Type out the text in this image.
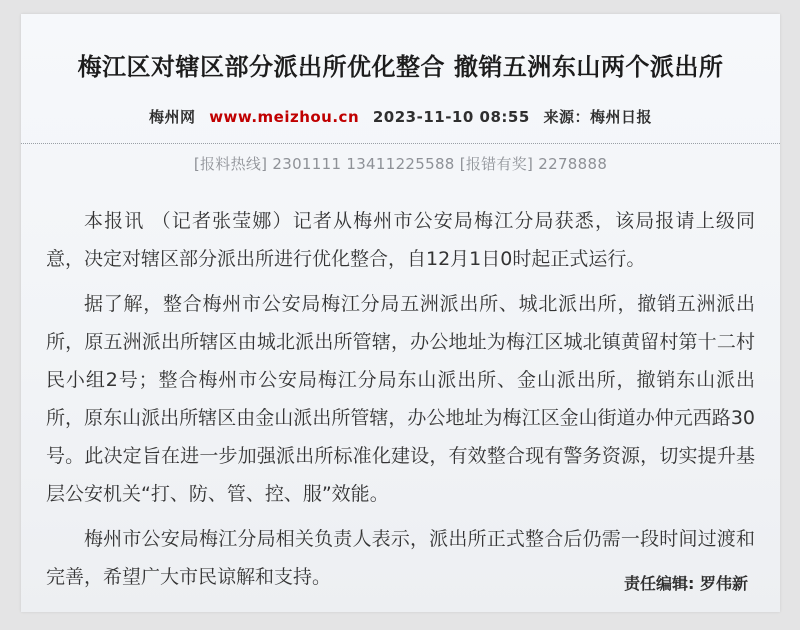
梅江区对辖区部分派出所优化整合 撤销五洲东山两个派出所
梅州网 www.meizhou.cn 2023-11-10 08:55 来源：梅州日报
[报料热线] 2301111 13411225588 [报错有奖] 2278888

本报讯 （记者张莹娜）记者从梅州市公安局梅江分局获悉，该局报请上级同意，决定对辖区部分派出所进行优化整合，自12月1日0时起正式运行。

据了解，整合梅州市公安局梅江分局五洲派出所、城北派出所，撤销五洲派出所，原五洲派出所辖区由城北派出所管辖，办公地址为梅江区城北镇黄留村第十二村民小组2号；整合梅州市公安局梅江分局东山派出所、金山派出所，撤销东山派出所，原东山派出所辖区由金山派出所管辖，办公地址为梅江区金山街道办仲元西路30号。此决定旨在进一步加强派出所标准化建设，有效整合现有警务资源，切实提升基层公安机关“打、防、管、控、服”效能。

梅州市公安局梅江分局相关负责人表示，派出所正式整合后仍需一段时间过渡和完善，希望广大市民谅解和支持。	责任编辑: 罗伟新
